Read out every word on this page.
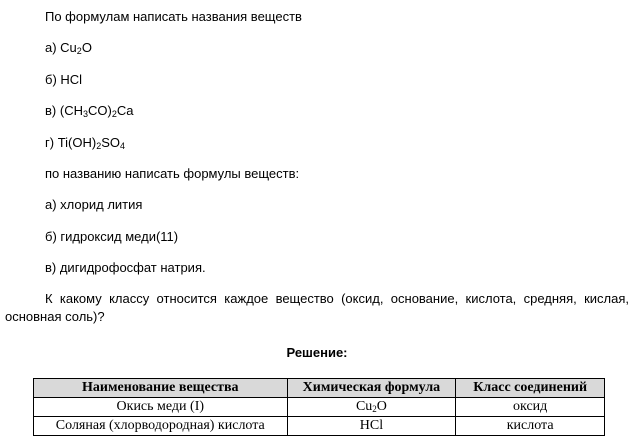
По формулам написать названия веществ
а) $Cu_2O$
б) HCl
в) $(CH_3CO)_2Ca$
г) $Ti(OH)_2SO_4$
по названию написать формулы веществ:
а) хлорид лития
б) гидроксид меди(11)
в) дигидрофосфат натрия.
К какому классу относится каждое вещество (оксид, основание, кислота, средняя, кислая, основная соль)?
Решение:
Наименование вещества	Химическая формула	Класс соединений
Окись меди (I)	$Cu_2O$	оксид
Соляная (хлорводородная) кислота	HCl	кислота
